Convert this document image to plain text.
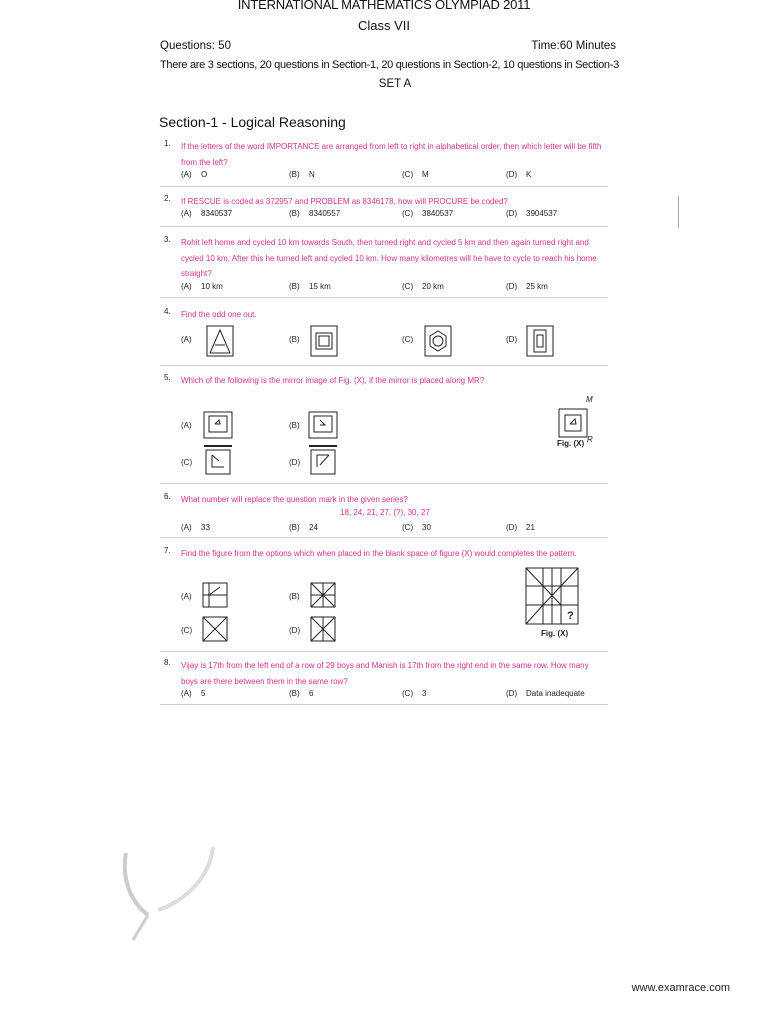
INTERNATIONAL MATHEMATICS OLYMPIAD 2011
Class VII
Questions: 50	Time:60 Minutes
There are 3 sections, 20 questions in Section-1, 20 questions in Section-2, 10 questions in Section-3
SET A
Section-1 - Logical Reasoning
1. If the letters of the word IMPORTANCE are arranged from left to right in alphabetical order, then which letter will be fifth from the left?
(A) O	(B) N	(C) M	(D) K
2. If RESCUE is coded as 372957 and PROBLEM as 8346178, how will PROCURE be coded?
(A) 8340537	(B) 8340557	(C) 3840537	(D) 3904537
3. Rohit left home and cycled 10 km towards South, then turned right and cycled 5 km and then again turned right and cycled 10 km. After this he turned left and cycled 10 km. How many kilometres will he have to cycle to reach his home straight?
(A) 10 km	(B) 15 km	(C) 20 km	(D) 25 km
4. Find the odd one out.
(A)	(B)	(C)	(D)
5. Which of the following is the mirror image of Fig. (X), if the mirror is placed along MR?
(A)	(B)
(C)	(D)
M
Fig. (X) R
6. What number will replace the question mark in the given series?
18, 24, 21, 27, (?), 30, 27
(A) 33	(B) 24	(C) 30	(D) 21
7. Find the figure from the options which when placed in the blank space of figure (X) would completes the pattern.
(A)	(B)
(C)	(D)
?
Fig. (X)
8. Vijay is 17th from the left end of a row of 29 boys and Manish is 17th from the right end in the same row. How many boys are there between them in the same row?
(A) 5	(B) 6	(C) 3	(D) Data inadequate
www.examrace.com
